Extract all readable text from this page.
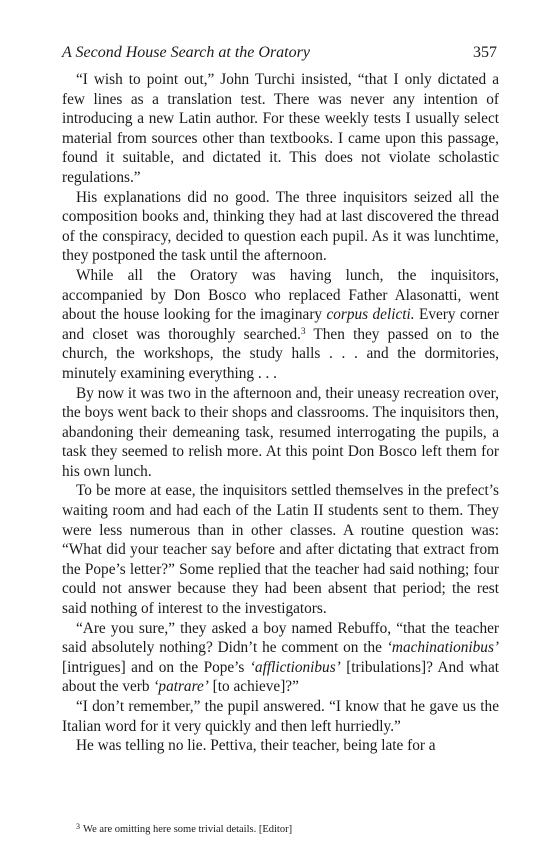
A Second House Search at the Oratory	357

“I wish to point out,” John Turchi insisted, “that I only dictated a few lines as a translation test. There was never any intention of introducing a new Latin author. For these weekly tests I usually select material from sources other than textbooks. I came upon this passage, found it suitable, and dictated it. This does not violate scholastic regulations.”

His explanations did no good. The three inquisitors seized all the composition books and, thinking they had at last discovered the thread of the conspiracy, decided to question each pupil. As it was lunchtime, they postponed the task until the afternoon.

While all the Oratory was having lunch, the inquisitors, accompanied by Don Bosco who replaced Father Alasonatti, went about the house looking for the imaginary corpus delicti. Every corner and closet was thoroughly searched.$^3$ Then they passed on to the church, the workshops, the study halls . . . and the dormitories, minutely examining everything . . .

By now it was two in the afternoon and, their uneasy recreation over, the boys went back to their shops and classrooms. The inquisitors then, abandoning their demeaning task, resumed interrogating the pupils, a task they seemed to relish more. At this point Don Bosco left them for his own lunch.

To be more at ease, the inquisitors settled themselves in the prefect’s waiting room and had each of the Latin II students sent to them. They were less numerous than in other classes. A routine question was: “What did your teacher say before and after dictating that extract from the Pope’s letter?” Some replied that the teacher had said nothing; four could not answer because they had been absent that period; the rest said nothing of interest to the investigators.

“Are you sure,” they asked a boy named Rebuffo, “that the teacher said absolutely nothing? Didn’t he comment on the ‘machinationibus’ [intrigues] and on the Pope’s ‘afflictionibus’ [tribulations]? And what about the verb ‘patrare’ [to achieve]?”

“I don’t remember,” the pupil answered. “I know that he gave us the Italian word for it very quickly and then left hurriedly.”

He was telling no lie. Pettiva, their teacher, being late for a

$^3$ We are omitting here some trivial details. [Editor]
